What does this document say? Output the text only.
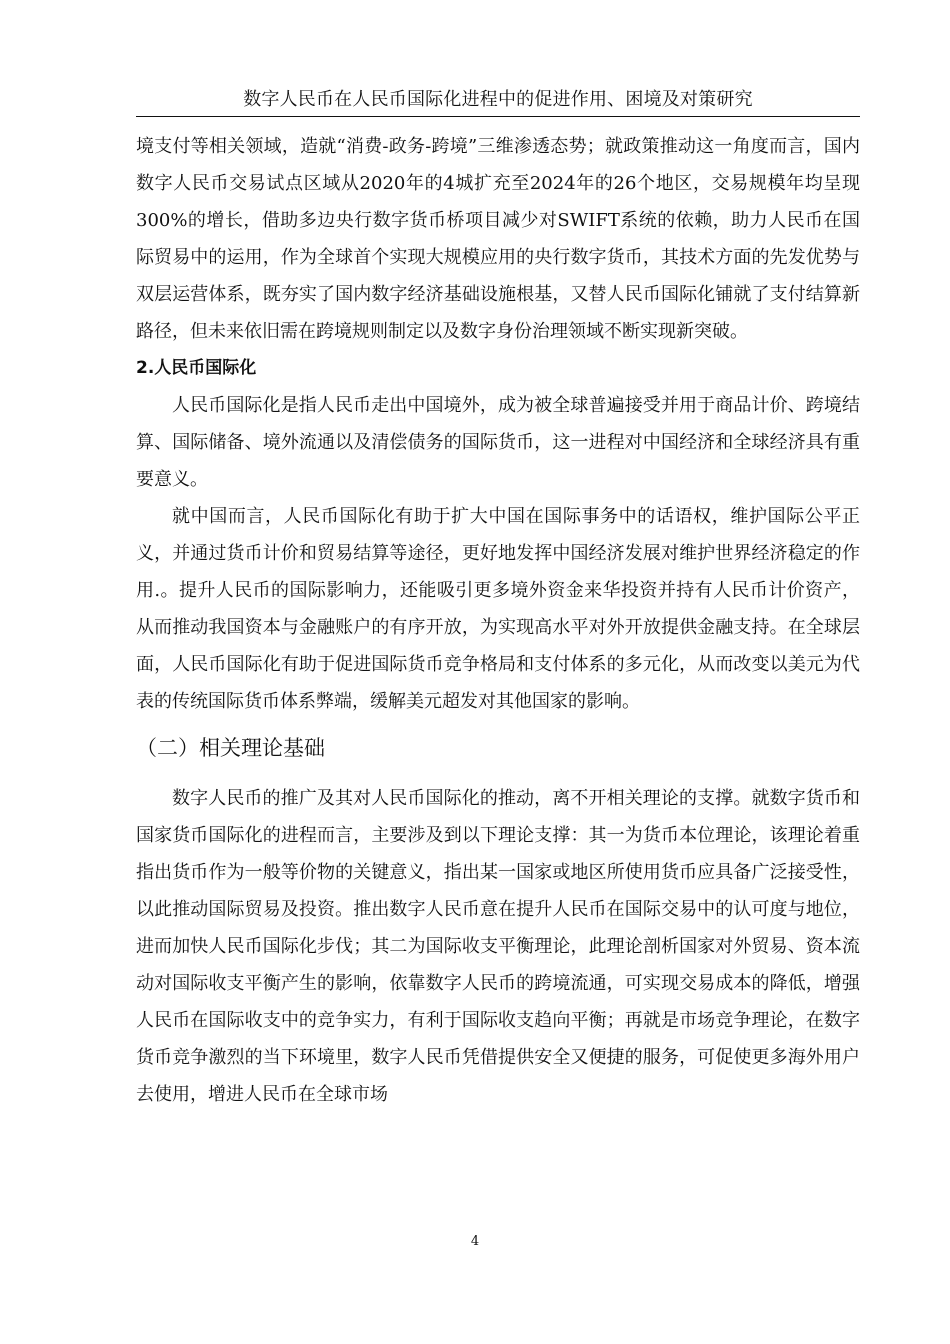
数字人民币在人民币国际化进程中的促进作用、困境及对策研究

境支付等相关领域，造就“消费-政务-跨境”三维渗透态势；就政策推动这一角度而言，国内数字人民币交易试点区域从2020年的4城扩充至2024年的26个地区，交易规模年均呈现300%的增长，借助多边央行数字货币桥项目减少对SWIFT系统的依赖，助力人民币在国际贸易中的运用，作为全球首个实现大规模应用的央行数字货币，其技术方面的先发优势与双层运营体系，既夯实了国内数字经济基础设施根基，又替人民币国际化铺就了支付结算新路径，但未来依旧需在跨境规则制定以及数字身份治理领域不断实现新突破。

2.人民币国际化

人民币国际化是指人民币走出中国境外，成为被全球普遍接受并用于商品计价、跨境结算、国际储备、境外流通以及清偿债务的国际货币，这一进程对中国经济和全球经济具有重要意义。

就中国而言，人民币国际化有助于扩大中国在国际事务中的话语权，维护国际公平正义，并通过货币计价和贸易结算等途径，更好地发挥中国经济发展对维护世界经济稳定的作用.。提升人民币的国际影响力，还能吸引更多境外资金来华投资并持有人民币计价资产，从而推动我国资本与金融账户的有序开放，为实现高水平对外开放提供金融支持。在全球层面，人民币国际化有助于促进国际货币竞争格局和支付体系的多元化，从而改变以美元为代表的传统国际货币体系弊端，缓解美元超发对其他国家的影响。

（二）相关理论基础

数字人民币的推广及其对人民币国际化的推动，离不开相关理论的支撑。就数字货币和国家货币国际化的进程而言，主要涉及到以下理论支撑：其一为货币本位理论，该理论着重指出货币作为一般等价物的关键意义，指出某一国家或地区所使用货币应具备广泛接受性，以此推动国际贸易及投资。推出数字人民币意在提升人民币在国际交易中的认可度与地位，进而加快人民币国际化步伐；其二为国际收支平衡理论，此理论剖析国家对外贸易、资本流动对国际收支平衡产生的影响，依靠数字人民币的跨境流通，可实现交易成本的降低，增强人民币在国际收支中的竞争实力，有利于国际收支趋向平衡；再就是市场竞争理论，在数字货币竞争激烈的当下环境里，数字人民币凭借提供安全又便捷的服务，可促使更多海外用户去使用，增进人民币在全球市场

4
